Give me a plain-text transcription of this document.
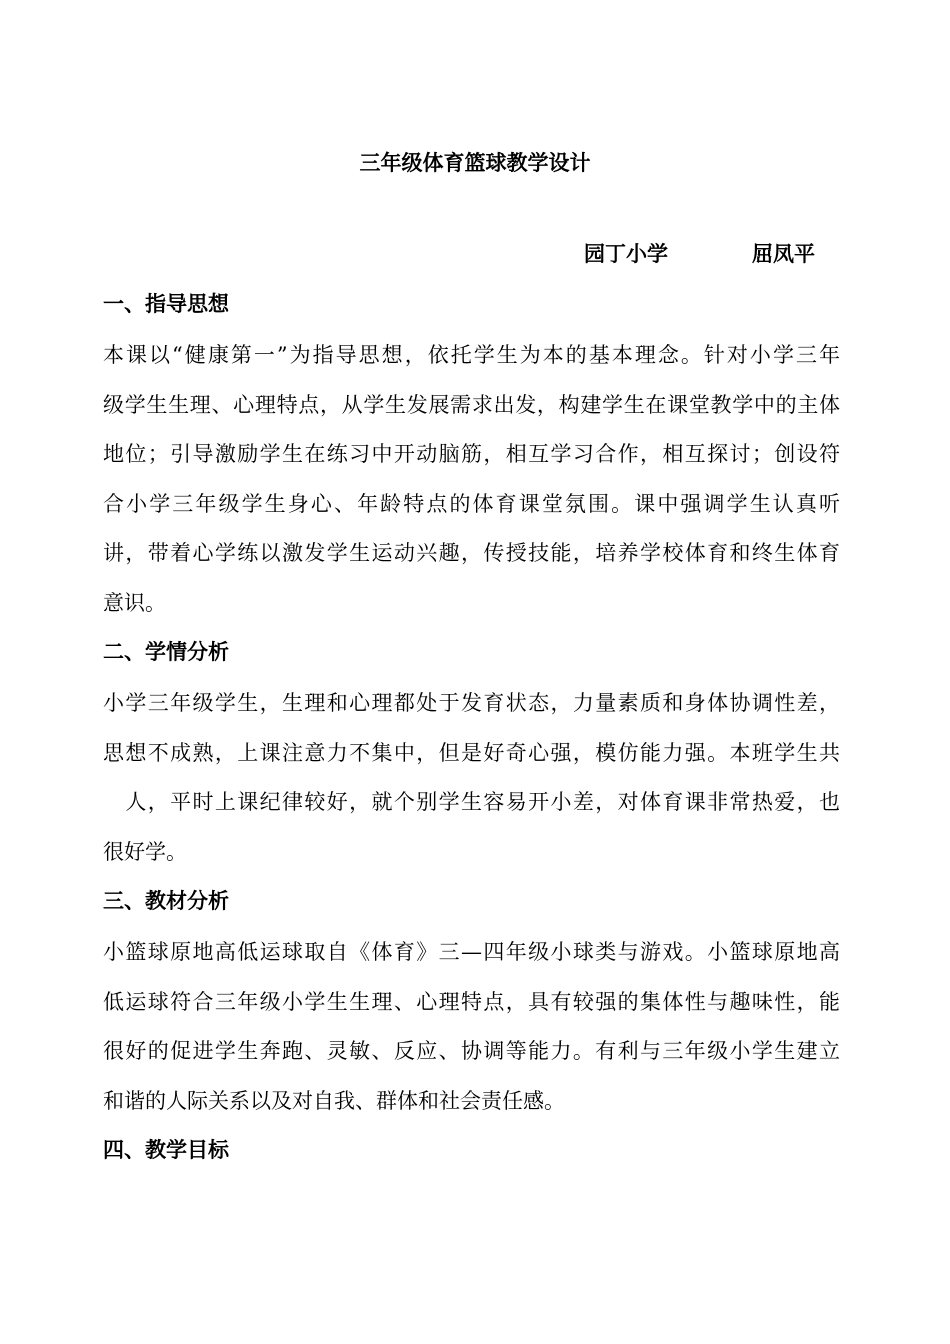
三年级体育篮球教学设计
园丁小学	屈凤平
一、指导思想
本课以“健康第一”为指导思想，依托学生为本的基本理念。针对小学三年
级学生生理、心理特点，从学生发展需求出发，构建学生在课堂教学中的主体
地位；引导激励学生在练习中开动脑筋，相互学习合作，相互探讨；创设符
合小学三年级学生身心、年龄特点的体育课堂氛围。课中强调学生认真听
讲，带着心学练以激发学生运动兴趣，传授技能，培养学校体育和终生体育
意识。
二、学情分析
小学三年级学生，生理和心理都处于发育状态，力量素质和身体协调性差，
思想不成熟，上课注意力不集中，但是好奇心强，模仿能力强。本班学生共
　人，平时上课纪律较好，就个别学生容易开小差，对体育课非常热爱，也
很好学。
三、教材分析
小篮球原地高低运球取自《体育》三—四年级小球类与游戏。小篮球原地高
低运球符合三年级小学生生理、心理特点，具有较强的集体性与趣味性，能
很好的促进学生奔跑、灵敏、反应、协调等能力。有利与三年级小学生建立
和谐的人际关系以及对自我、群体和社会责任感。
四、教学目标
